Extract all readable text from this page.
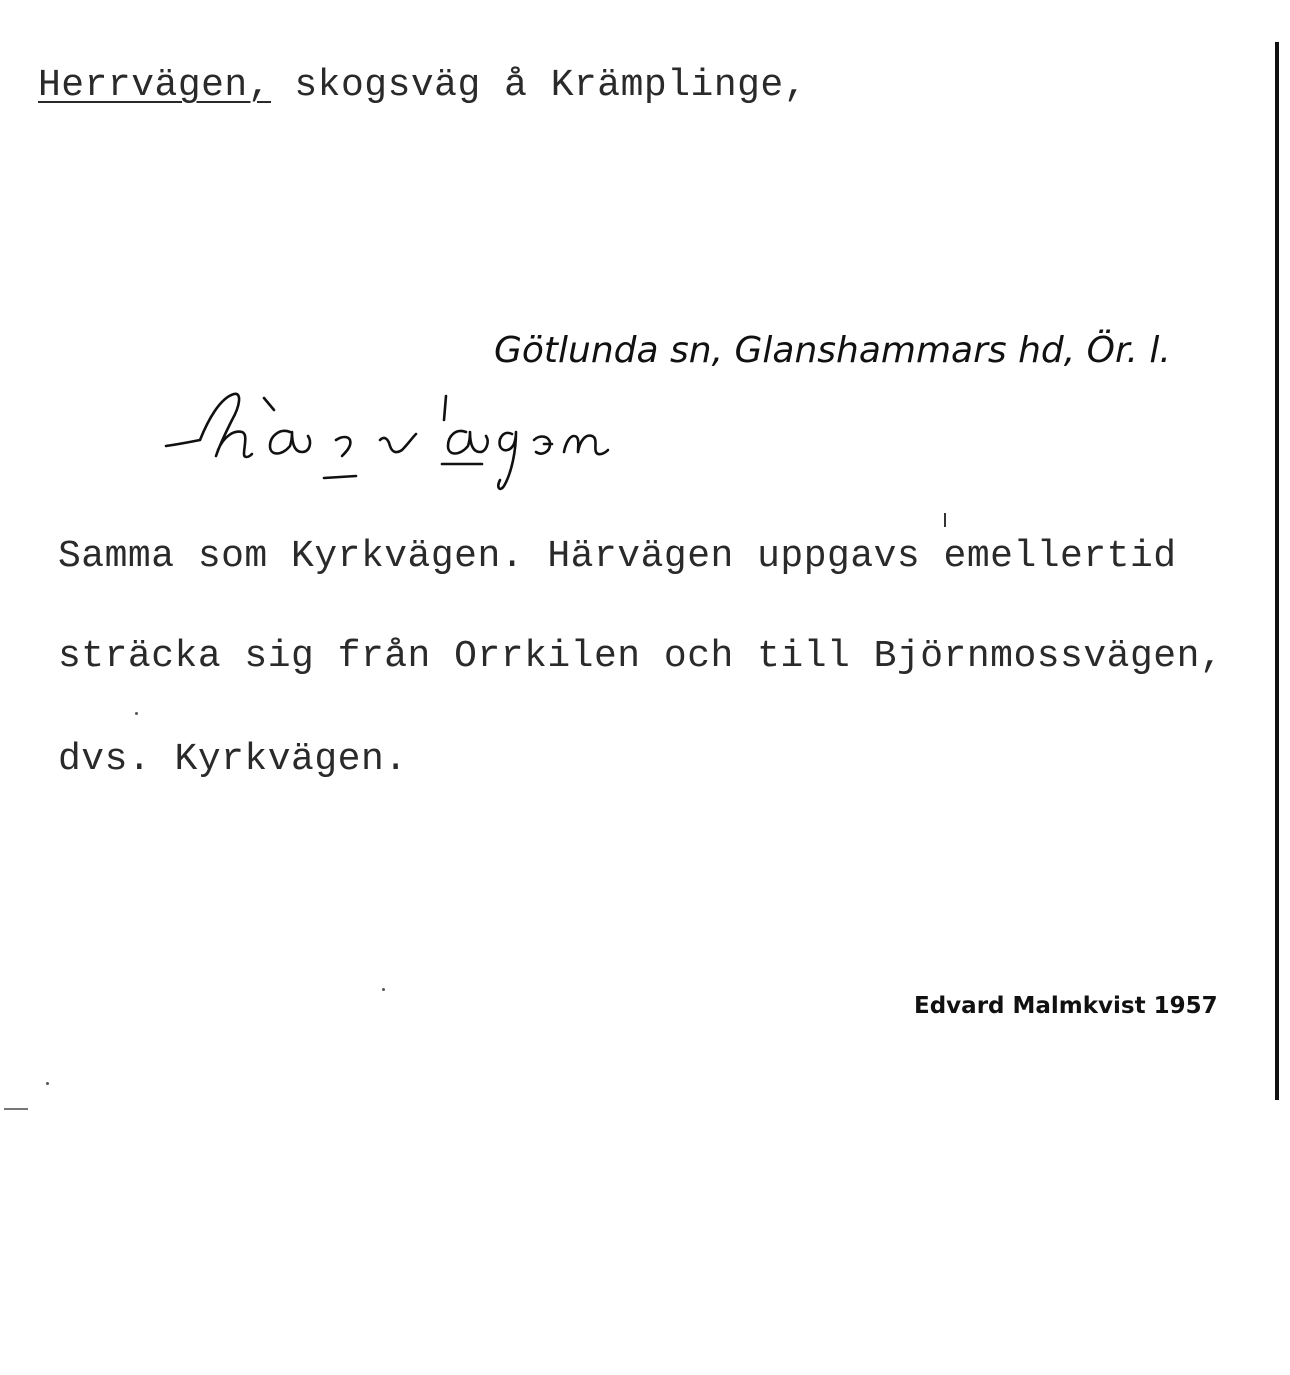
Herrvägen, skogsväg å Krämplinge,
Götlunda sn, Glanshammars hd, Ör. l.
Samma som Kyrkvägen. Härvägen uppgavs emellertid
sträcka sig från Orrkilen och till Björnmossvägen,
dvs. Kyrkvägen.
Edvard Malmkvist 1957
